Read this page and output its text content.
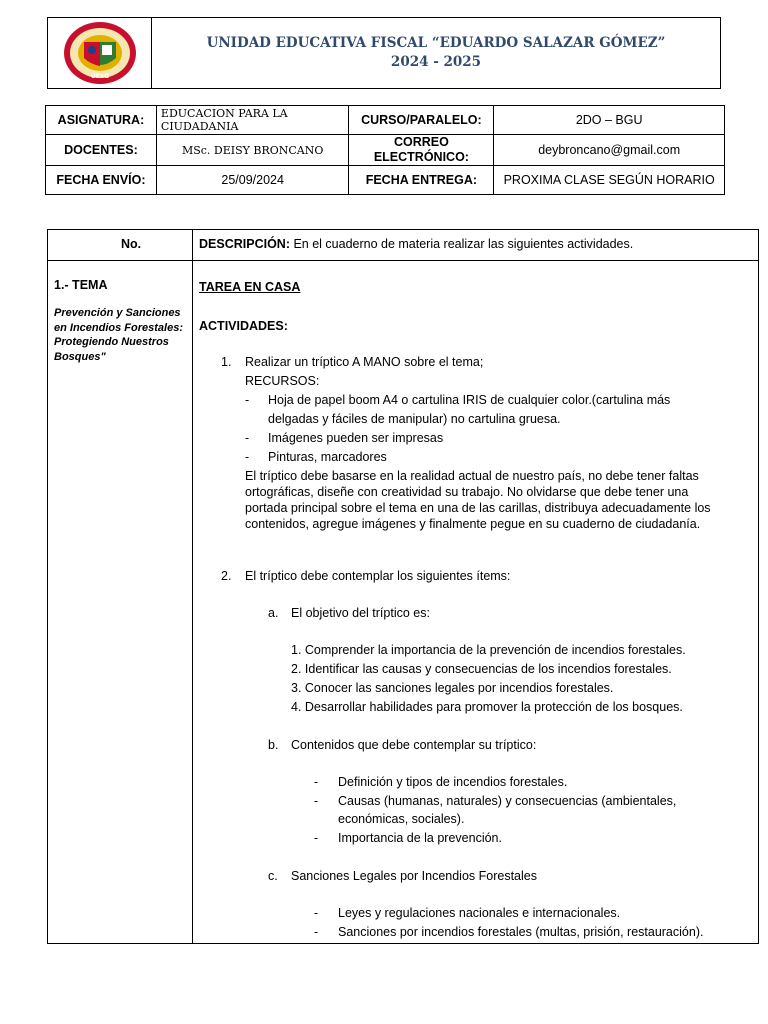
UESG
UNIDAD EDUCATIVA FISCAL “EDUARDO SALAZAR GÓMEZ”
2024 - 2025
ASIGNATURA:	EDUCACION PARA LA CIUDADANIA	CURSO/PARALELO:	2DO – BGU
DOCENTES:	MSc. DEISY BRONCANO	CORREO ELECTRÓNICO:	deybroncano@gmail.com
FECHA ENVÍO:	25/09/2024	FECHA ENTREGA:	PROXIMA CLASE SEGÚN HORARIO
No.	DESCRIPCIÓN: En el cuaderno de materia realizar las siguientes actividades.
1.- TEMA
Prevención y Sanciones en Incendios Forestales: Protegiendo Nuestros Bosques"
TAREA EN CASA
ACTIVIDADES:
1. Realizar un tríptico A MANO sobre el tema;
RECURSOS:
- Hoja de papel boom A4 o cartulina IRIS de cualquier color.(cartulina más
delgadas y fáciles de manipular) no cartulina gruesa.
- Imágenes pueden ser impresas
- Pinturas, marcadores
El tríptico debe basarse en la realidad actual de nuestro país, no debe tener faltas ortográficas, diseñe con creatividad su trabajo. No olvidarse que debe tener una portada principal sobre el tema en una de las carillas, distribuya adecuadamente los contenidos, agregue imágenes y finalmente pegue en su cuaderno de ciudadanía.
2. El tríptico debe contemplar los siguientes ítems:
a. El objetivo del tríptico es:
1. Comprender la importancia de la prevención de incendios forestales.
2. Identificar las causas y consecuencias de los incendios forestales.
3. Conocer las sanciones legales por incendios forestales.
4. Desarrollar habilidades para promover la protección de los bosques.
b. Contenidos que debe contemplar su tríptico:
- Definición y tipos de incendios forestales.
- Causas (humanas, naturales) y consecuencias (ambientales,
económicas, sociales).
- Importancia de la prevención.
c. Sanciones Legales por Incendios Forestales
- Leyes y regulaciones nacionales e internacionales.
- Sanciones por incendios forestales (multas, prisión, restauración).
